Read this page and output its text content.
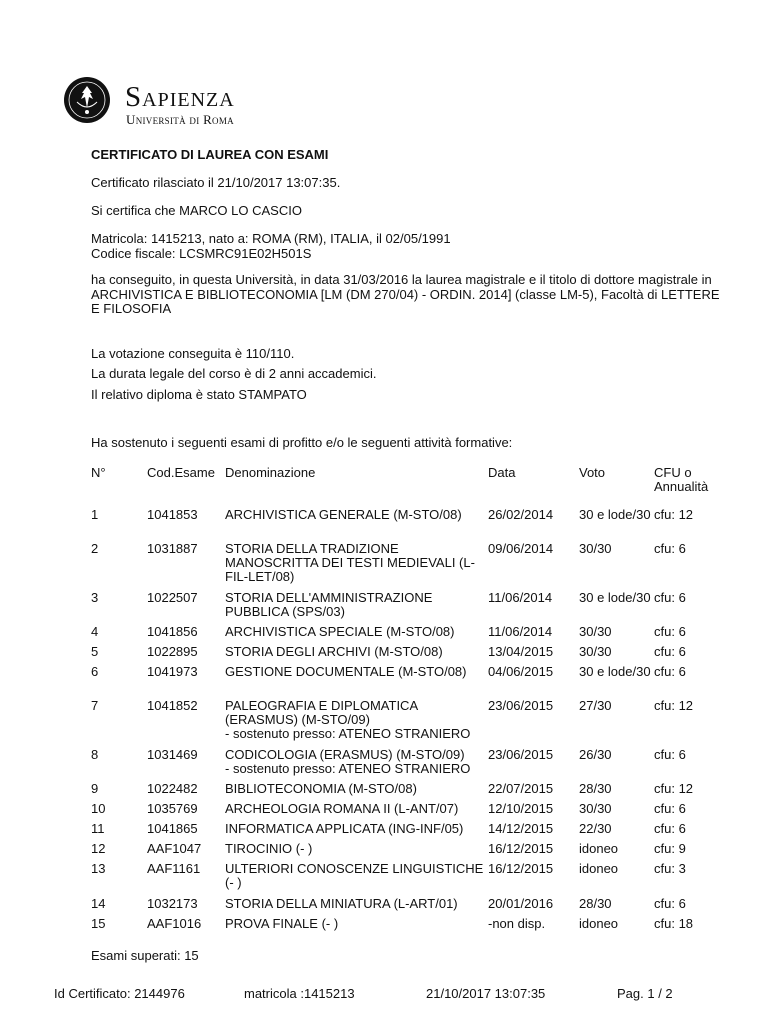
Sapienza
Università di Roma
CERTIFICATO DI LAUREA CON ESAMI
Certificato rilasciato il 21/10/2017 13:07:35.
Si certifica che MARCO LO CASCIO
Matricola: 1415213, nato a: ROMA (RM), ITALIA, il 02/05/1991
Codice fiscale: LCSMRC91E02H501S
ha conseguito, in questa Università, in data 31/03/2016 la laurea magistrale e il titolo di dottore magistrale in ARCHIVISTICA E BIBLIOTECONOMIA [LM (DM 270/04) - ORDIN. 2014] (classe LM-5), Facoltà di LETTERE E FILOSOFIA
La votazione conseguita è 110/110.
La durata legale del corso è di 2 anni accademici.
Il relativo diploma è stato STAMPATO
Ha sostenuto i seguenti esami di profitto e/o le seguenti attività formative:
N°	Cod.Esame	Denominazione	Data	Voto	CFU o Annualità
1	1041853	ARCHIVISTICA GENERALE (M-STO/08)	26/02/2014	30 e lode/30	cfu: 12
2	1031887	STORIA DELLA TRADIZIONE MANOSCRITTA DEI TESTI MEDIEVALI (L-FIL-LET/08)	09/06/2014	30/30	cfu: 6
3	1022507	STORIA DELL'AMMINISTRAZIONE PUBBLICA (SPS/03)	11/06/2014	30 e lode/30	cfu: 6
4	1041856	ARCHIVISTICA SPECIALE (M-STO/08)	11/06/2014	30/30	cfu: 6
5	1022895	STORIA DEGLI ARCHIVI (M-STO/08)	13/04/2015	30/30	cfu: 6
6	1041973	GESTIONE DOCUMENTALE (M-STO/08)	04/06/2015	30 e lode/30	cfu: 6
7	1041852	PALEOGRAFIA E DIPLOMATICA (ERASMUS) (M-STO/09)
- sostenuto presso: ATENEO STRANIERO	23/06/2015	27/30	cfu: 12
8	1031469	CODICOLOGIA (ERASMUS) (M-STO/09)
- sostenuto presso: ATENEO STRANIERO	23/06/2015	26/30	cfu: 6
9	1022482	BIBLIOTECONOMIA (M-STO/08)	22/07/2015	28/30	cfu: 12
10	1035769	ARCHEOLOGIA ROMANA II (L-ANT/07)	12/10/2015	30/30	cfu: 6
11	1041865	INFORMATICA APPLICATA (ING-INF/05)	14/12/2015	22/30	cfu: 6
12	AAF1047	TIROCINIO (- )	16/12/2015	idoneo	cfu: 9
13	AAF1161	ULTERIORI CONOSCENZE LINGUISTICHE (- )	16/12/2015	idoneo	cfu: 3
14	1032173	STORIA DELLA MINIATURA (L-ART/01)	20/01/2016	28/30	cfu: 6
15	AAF1016	PROVA FINALE (- )	-non disp.	idoneo	cfu: 18
Esami superati: 15
Id Certificato: 2144976	matricola :1415213	21/10/2017 13:07:35	Pag. 1 / 2
